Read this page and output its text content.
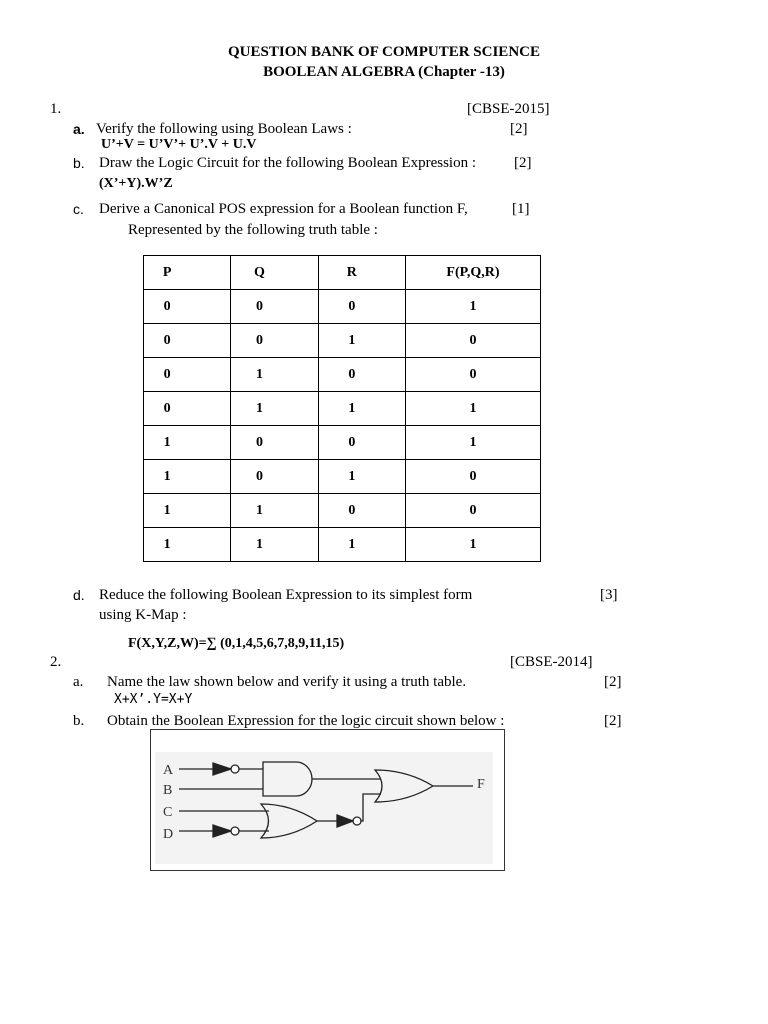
QUESTION BANK OF COMPUTER SCIENCE
BOOLEAN ALGEBRA (Chapter -13)
1.	[CBSE-2015]
a. Verify the following using Boolean Laws :	[2]
U’+V = U’V’+ U’.V + U.V
b. Draw the Logic Circuit for the following Boolean Expression :	[2]
(X’+Y).W’Z
c. Derive a Canonical POS expression for a Boolean function F,	[1]
Represented by the following truth table :
P	Q	R	F(P,Q,R)
0	0	0	1
0	0	1	0
0	1	0	0
0	1	1	1
1	0	0	1
1	0	1	0
1	1	0	0
1	1	1	1
d. Reduce the following Boolean Expression to its simplest form	[3]
using K-Map :
F(X,Y,Z,W)=∑ (0,1,4,5,6,7,8,9,11,15)
2.	[CBSE-2014]
a. Name the law shown below and verify it using a truth table.	[2]
X+X’.Y=X+Y
b. Obtain the Boolean Expression for the logic circuit shown below :	[2]
A
B
C
D
F
